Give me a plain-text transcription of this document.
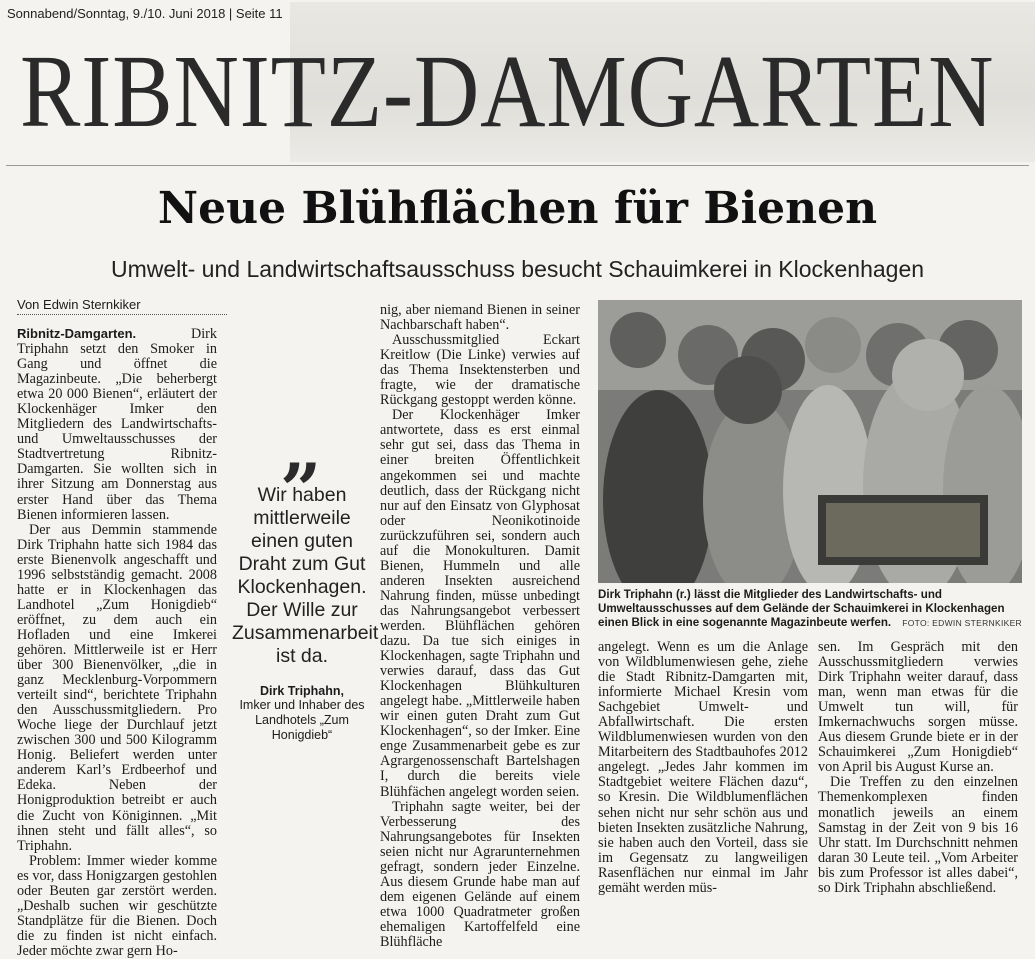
Sonnabend/Sonntag, 9./10. Juni 2018 | Seite 11
RIBNITZ-DAMGARTEN
Neue Blühflächen für Bienen
Umwelt- und Landwirtschaftsausschuss besucht Schauimkerei in Klockenhagen
Von Edwin Sternkiker

Ribnitz-Damgarten. Dirk Triphahn setzt den Smoker in Gang und öffnet die Magazinbeute. „Die beherbergt etwa 20 000 Bienen“, erläutert der Klockenhäger Imker den Mitgliedern des Landwirtschafts- und Umweltausschusses der Stadtvertretung Ribnitz-Damgarten. Sie wollten sich in ihrer Sitzung am Donnerstag aus erster Hand über das Thema Bienen informieren lassen.

Der aus Demmin stammende Dirk Triphahn hatte sich 1984 das erste Bienenvolk angeschafft und 1996 selbstständig gemacht. 2008 hatte er in Klockenhagen das Landhotel „Zum Honigdieb“ eröffnet, zu dem auch ein Hofladen und eine Imkerei gehören. Mittlerweile ist er Herr über 300 Bienenvölker, „die in ganz Mecklenburg-Vorpommern verteilt sind“, berichtete Triphahn den Ausschussmitgliedern. Pro Woche liege der Durchlauf jetzt zwischen 300 und 500 Kilogramm Honig. Beliefert werden unter anderem Karl’s Erdbeerhof und Edeka. Neben der Honigproduktion betreibt er auch die Zucht von Königinnen. „Mit ihnen steht und fällt alles“, so Triphahn.

Problem: Immer wieder komme es vor, dass Honigzargen gestohlen oder Beuten gar zerstört werden. „Deshalb suchen wir geschützte Standplätze für die Bienen. Doch die zu finden ist nicht einfach. Jeder möchte zwar gern Ho-

„
Wir haben mittlerweile einen guten Draht zum Gut Klockenhagen. Der Wille zur Zusammenarbeit ist da.
Dirk Triphahn,
Imker und Inhaber des Landhotels „Zum Honigdieb“

nig, aber niemand Bienen in seiner Nachbarschaft haben“.

Ausschussmitglied Eckart Kreitlow (Die Linke) verwies auf das Thema Insektensterben und fragte, wie der dramatische Rückgang gestoppt werden könne.

Der Klockenhäger Imker antwortete, dass es erst einmal sehr gut sei, dass das Thema in einer breiten Öffentlichkeit angekommen sei und machte deutlich, dass der Rückgang nicht nur auf den Einsatz von Glyphosat oder Neonikotinoide zurückzuführen sei, sondern auch auf die Monokulturen. Damit Bienen, Hummeln und alle anderen Insekten ausreichend Nahrung finden, müsse unbedingt das Nahrungsangebot verbessert werden. Blühflächen gehören dazu. Da tue sich einiges in Klockenhagen, sagte Triphahn und verwies darauf, dass das Gut Klockenhagen Blühkulturen angelegt habe. „Mittlerweile haben wir einen guten Draht zum Gut Klockenhagen“, so der Imker. Eine enge Zusammenarbeit gebe es zur Agrargenossenschaft Bartelshagen I, durch die bereits viele Blühfächen angelegt worden seien.

Triphahn sagte weiter, bei der Verbesserung des Nahrungsangebotes für Insekten seien nicht nur Agrarunternehmen gefragt, sondern jeder Einzelne. Aus diesem Grunde habe man auf dem eigenen Gelände auf einem etwa 1000 Quadratmeter großen ehemaligen Kartoffelfeld eine Blühfläche

Dirk Triphahn (r.) lässt die Mitglieder des Landwirtschafts- und Umweltausschusses auf dem Gelände der Schauimkerei in Klockenhagen einen Blick in eine sogenannte Magazinbeute werfen.	FOTO: EDWIN STERNKIKER

angelegt. Wenn es um die Anlage von Wildblumenwiesen gehe, ziehe die Stadt Ribnitz-Damgarten mit, informierte Michael Kresin vom Sachgebiet Umwelt- und Abfallwirtschaft. Die ersten Wildblumenwiesen wurden von den Mitarbeitern des Stadtbauhofes 2012 angelegt. „Jedes Jahr kommen im Stadtgebiet weitere Flächen dazu“, so Kresin. Die Wildblumenflächen sehen nicht nur sehr schön aus und bieten Insekten zusätzliche Nahrung, sie haben auch den Vorteil, dass sie im Gegensatz zu langweiligen Rasenflächen nur einmal im Jahr gemäht werden müs-

sen. Im Gespräch mit den Ausschussmitgliedern verwies Dirk Triphahn weiter darauf, dass man, wenn man etwas für die Umwelt tun will, für Imkernachwuchs sorgen müsse. Aus diesem Grunde biete er in der Schauimkerei „Zum Honigdieb“ von April bis August Kurse an.

Die Treffen zu den einzelnen Themenkomplexen finden monatlich jeweils an einem Samstag in der Zeit von 9 bis 16 Uhr statt. Im Durchschnitt nehmen daran 30 Leute teil. „Vom Arbeiter bis zum Professor ist alles dabei“, so Dirk Triphahn abschließend.
